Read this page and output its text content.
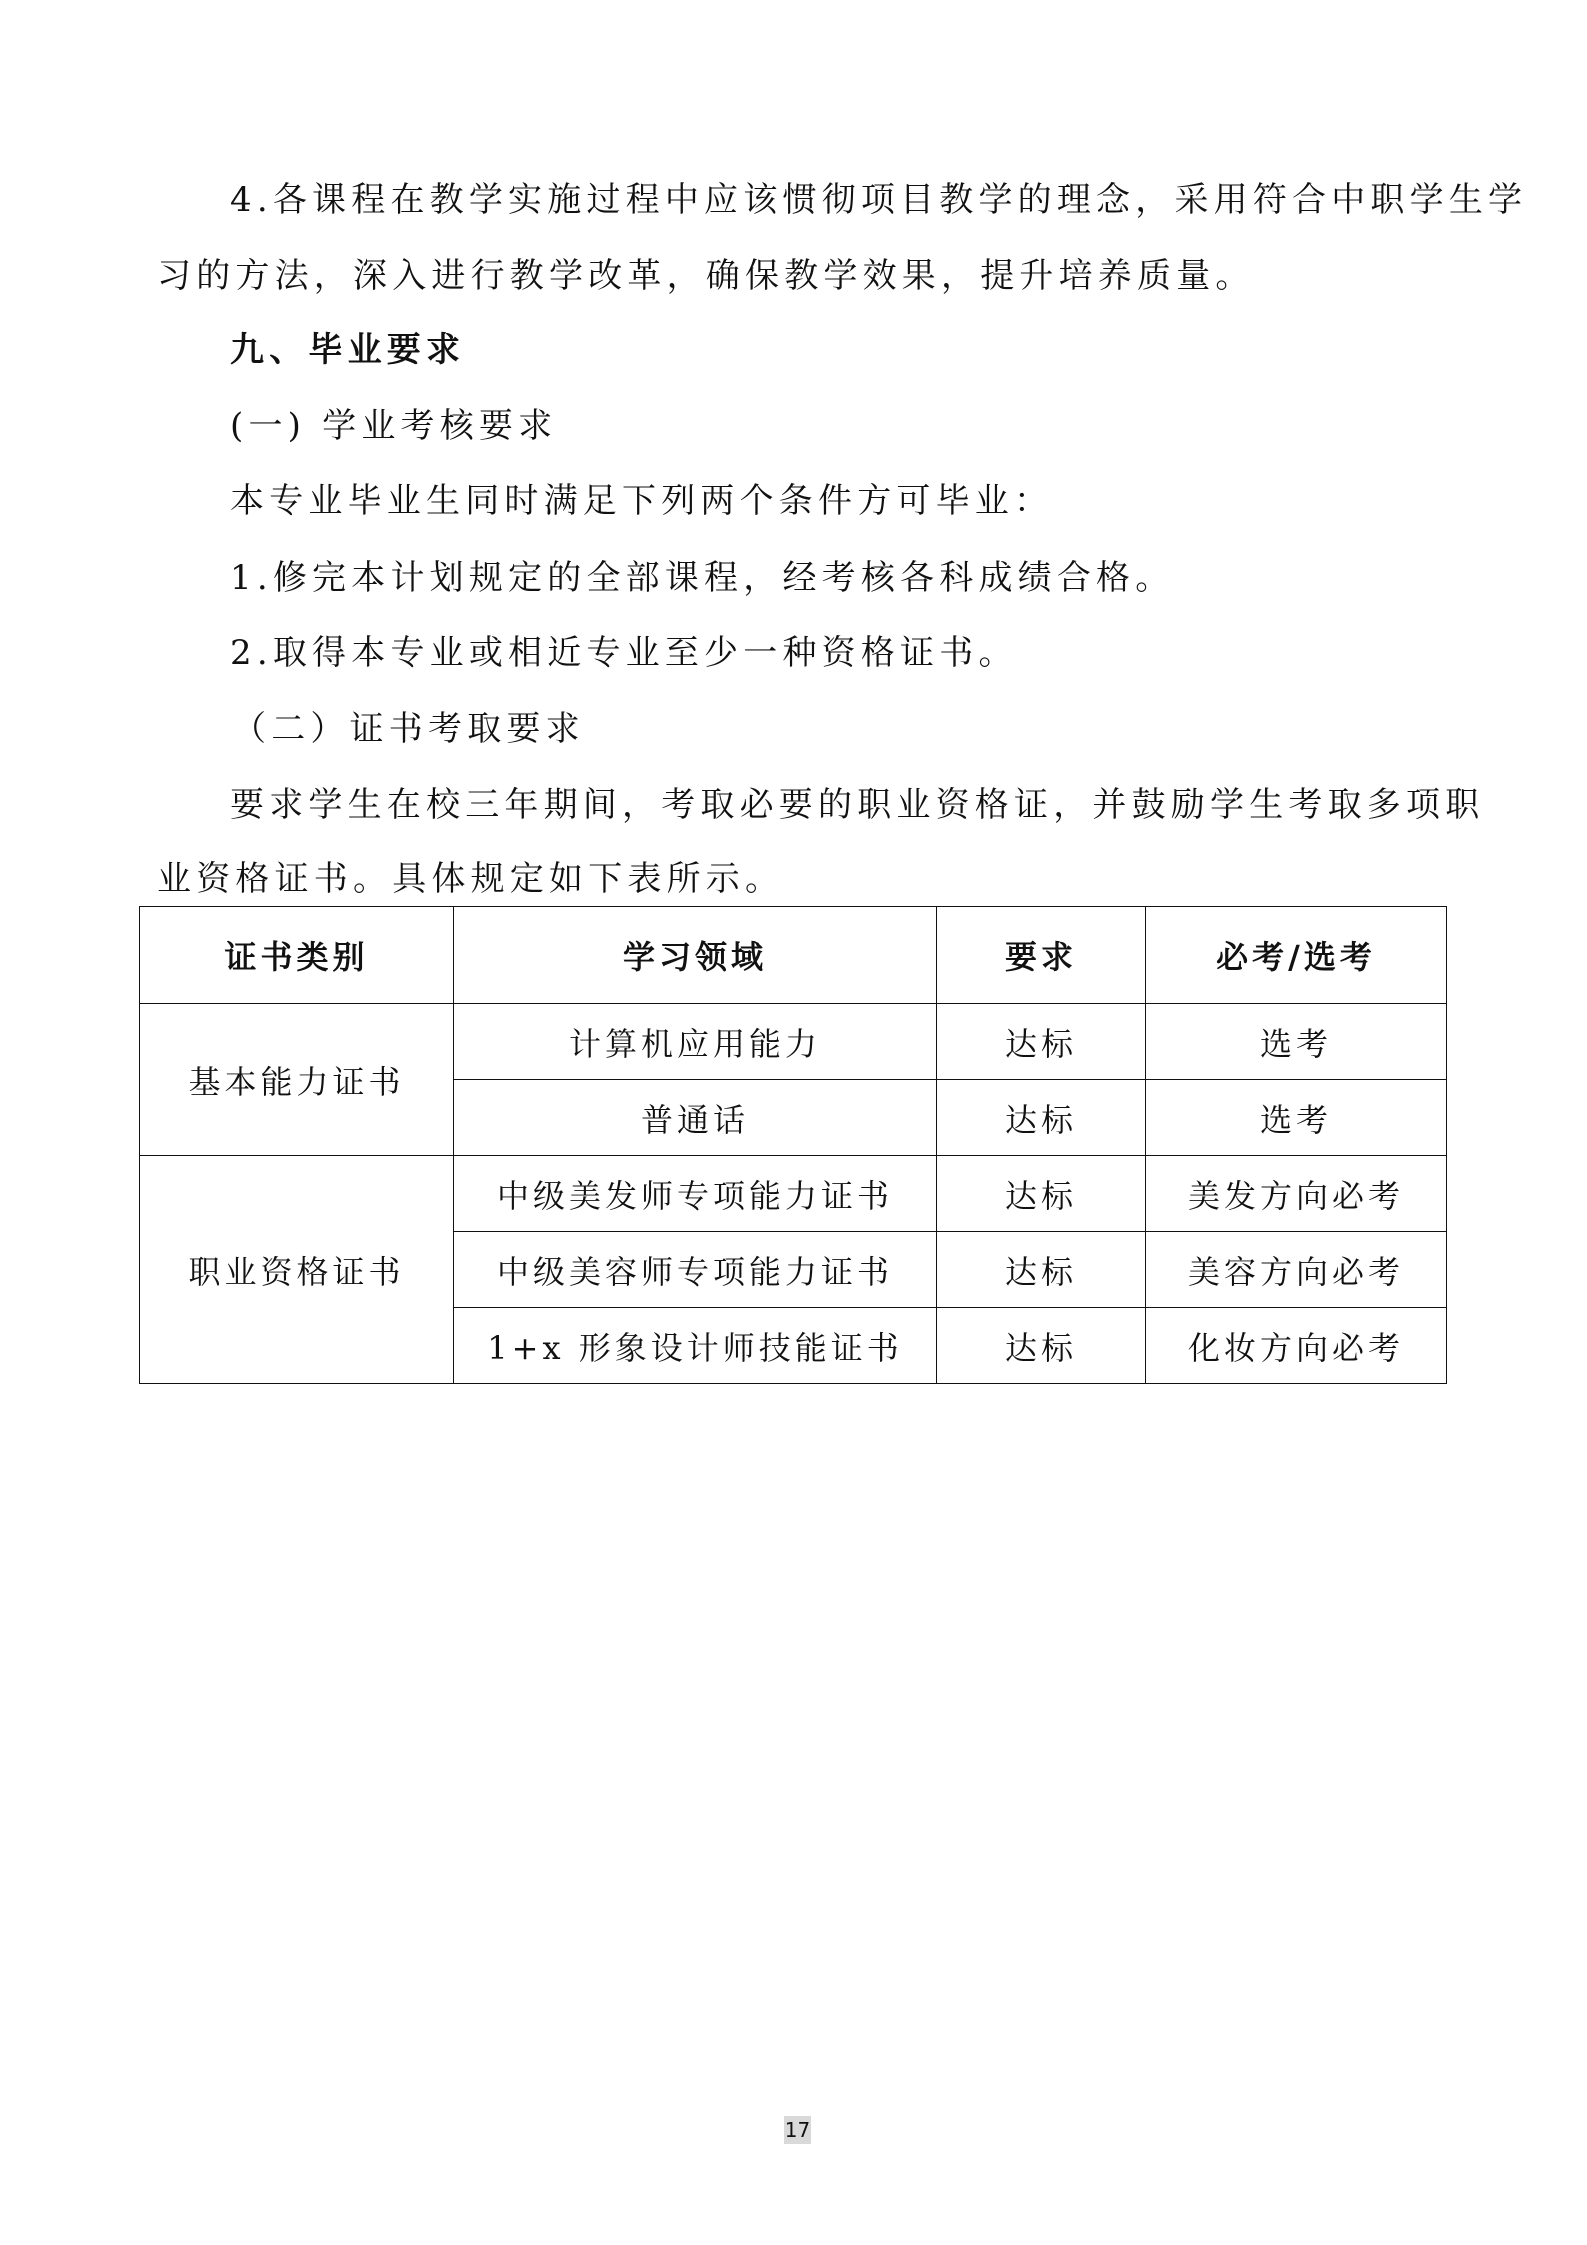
4.各课程在教学实施过程中应该惯彻项目教学的理念，采用符合中职学生学

习的方法，深入进行教学改革，确保教学效果，提升培养质量。

九、毕业要求

(一) 学业考核要求

本专业毕业生同时满足下列两个条件方可毕业：

1.修完本计划规定的全部课程，经考核各科成绩合格。

2.取得本专业或相近专业至少一种资格证书。

（二）证书考取要求

要求学生在校三年期间，考取必要的职业资格证，并鼓励学生考取多项职

业资格证书。具体规定如下表所示。

证书类别	学习领域	要求	必考/选考
基本能力证书	计算机应用能力	达标	选考
	普通话	达标	选考
职业资格证书	中级美发师专项能力证书	达标	美发方向必考
	中级美容师专项能力证书	达标	美容方向必考
	1+x 形象设计师技能证书	达标	化妆方向必考
17
